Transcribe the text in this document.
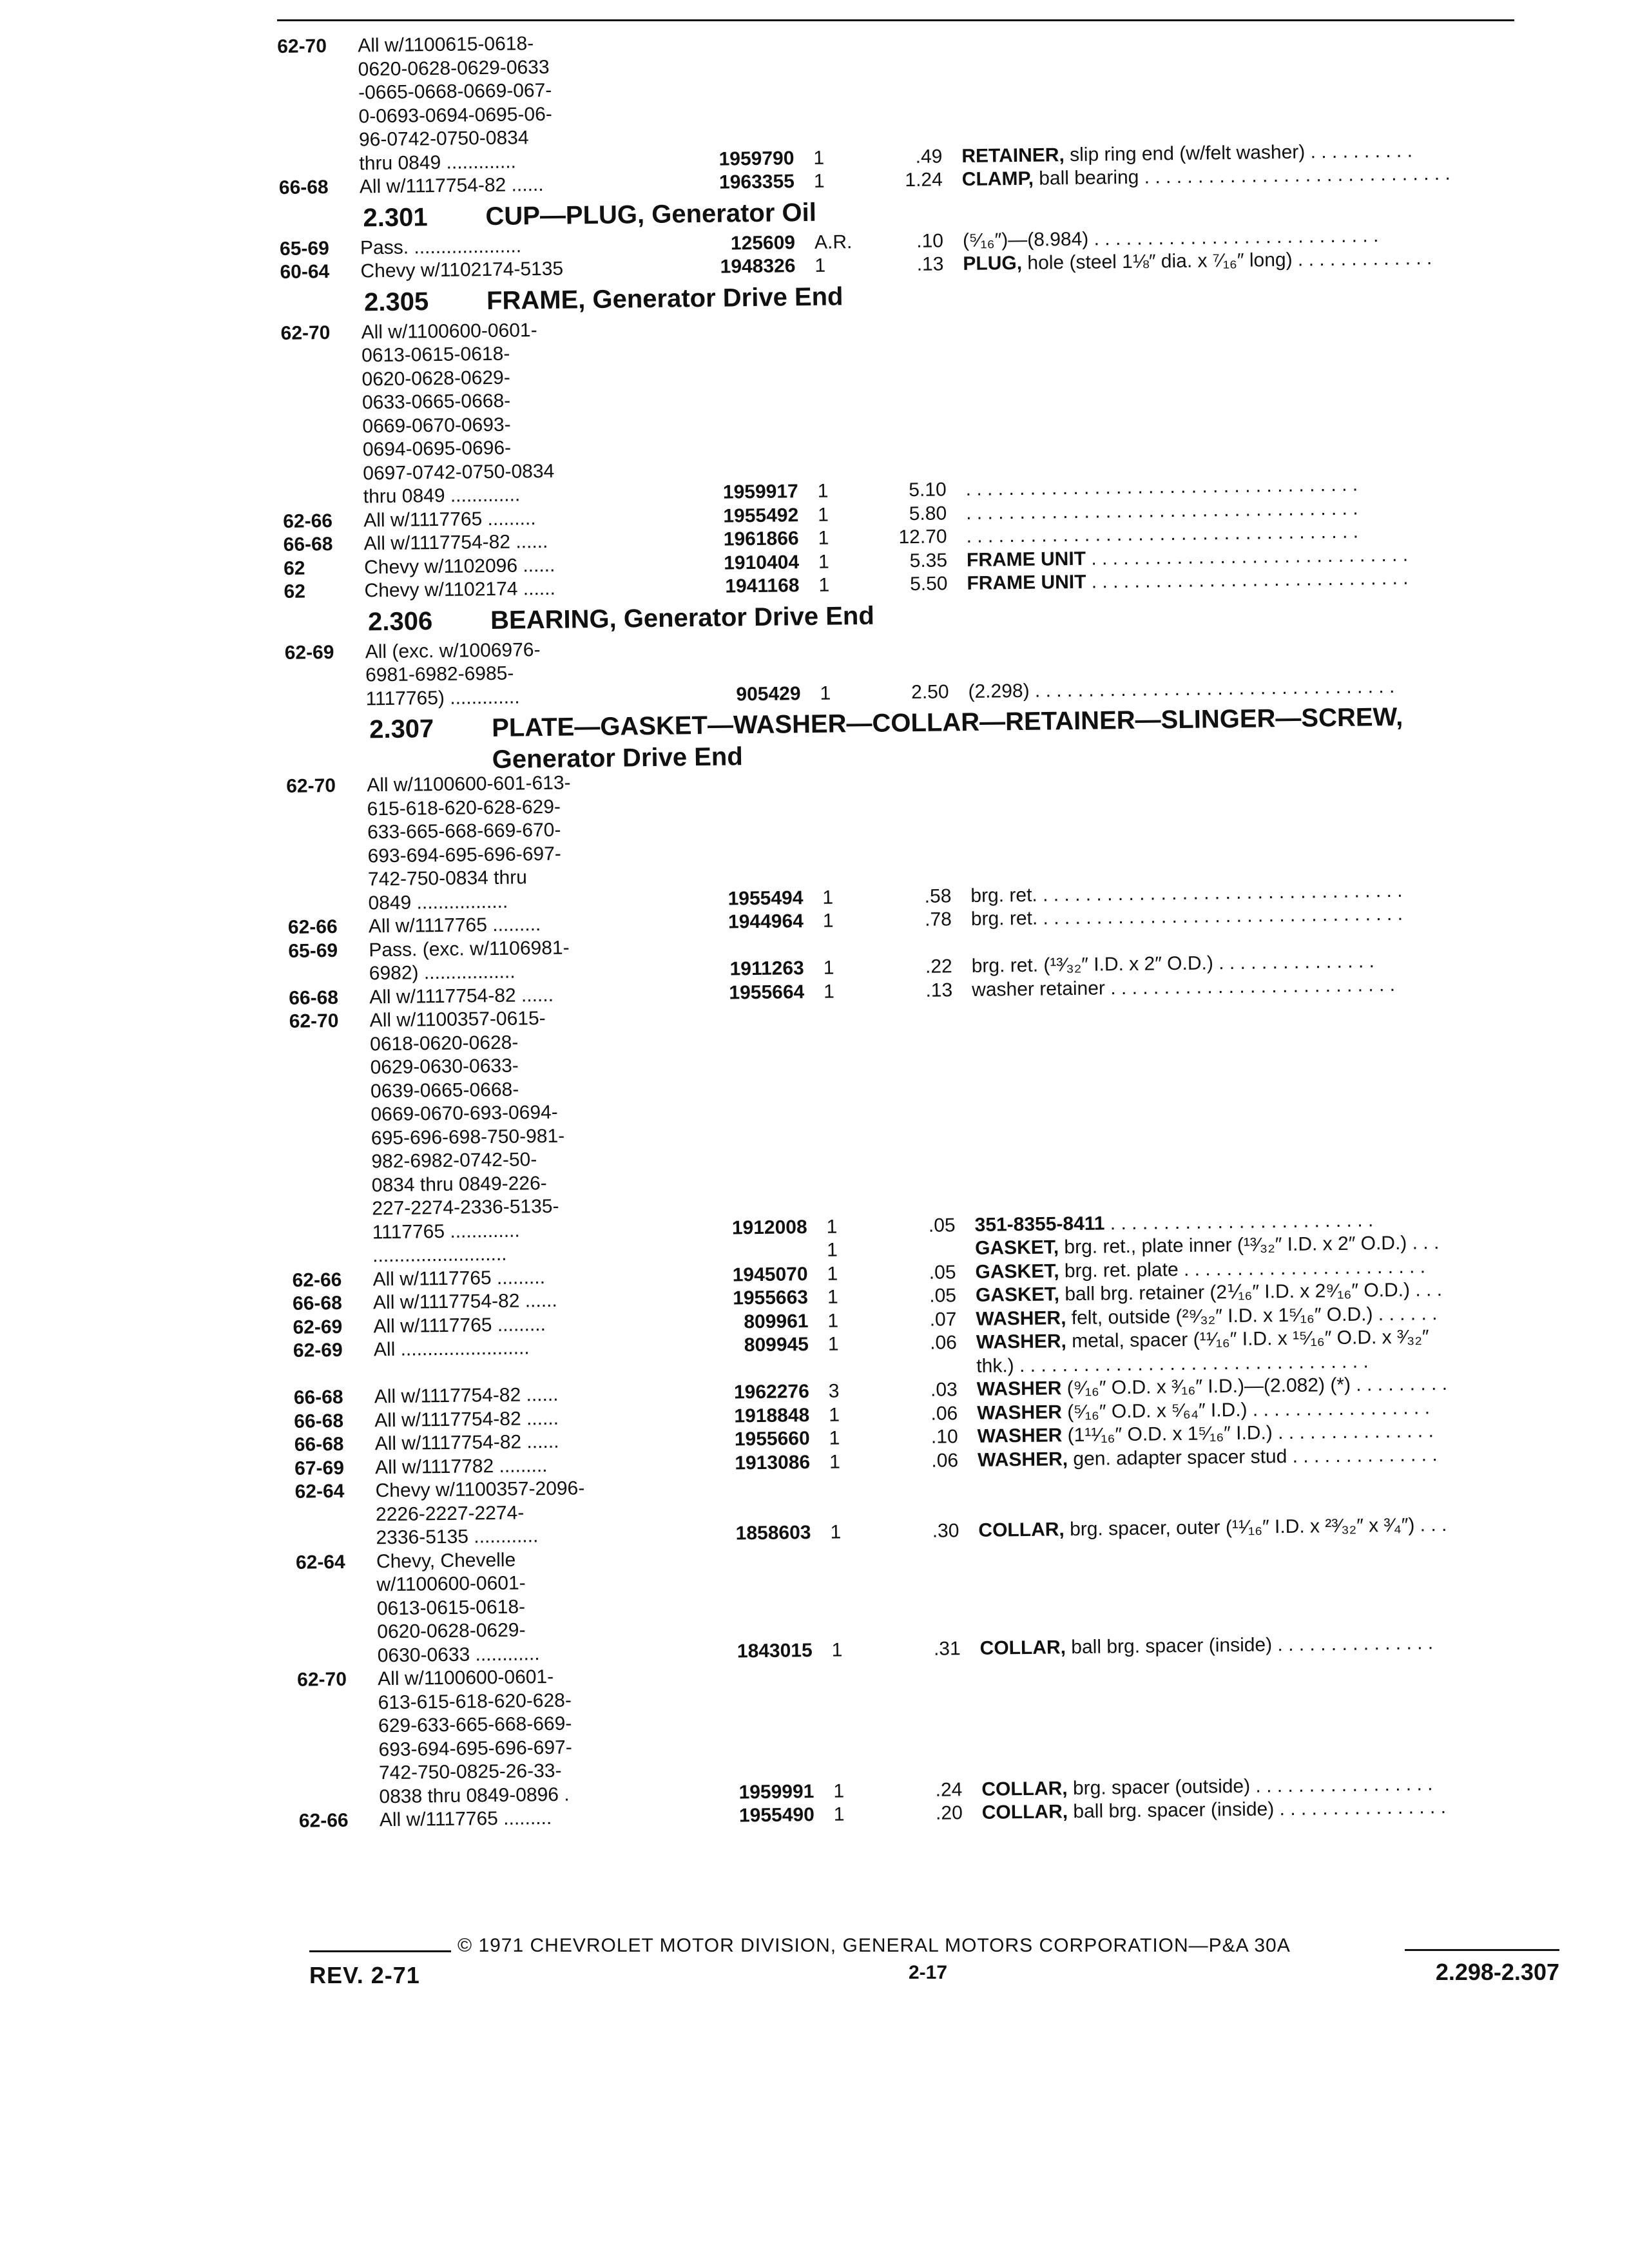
62-70 All w/1100615-0618-
0620-0628-0629-0633
-0665-0668-0669-067-
0-0693-0694-0695-06-
96-0742-0750-0834
thru 0849 .............	1959790 1	.49 RETAINER, slip ring end (w/felt washer) . . . . . . . . . .
66-68 All w/1117754-82 ......	1963355 1	1.24 CLAMP, ball bearing . . . . . . . . . . . . . . . . . . . . . . . . . . . . .
2.301 CUP—PLUG, Generator Oil
65-69 Pass. ....................	125609 A.R.	.10 (⁵⁄₁₆″)—(8.984) . . . . . . . . . . . . . . . . . . . . . . . . . . .
60-64 Chevy w/1102174-5135	1948326 1	.13 PLUG, hole (steel 1⅛″ dia. x ⁷⁄₁₆″ long) . . . . . . . . . . . . .
2.305 FRAME, Generator Drive End
62-70 All w/1100600-0601-
0613-0615-0618-
0620-0628-0629-
0633-0665-0668-
0669-0670-0693-
0694-0695-0696-
0697-0742-0750-0834
thru 0849 .............	1959917 1	5.10 . . . . . . . . . . . . . . . . . . . . . . . . . . . . . . . . . . . . .
62-66 All w/1117765 .........	1955492 1	5.80 . . . . . . . . . . . . . . . . . . . . . . . . . . . . . . . . . . . . .
66-68 All w/1117754-82 ......	1961866 1	12.70 . . . . . . . . . . . . . . . . . . . . . . . . . . . . . . . . . . . . .
62	Chevy w/1102096 ......	1910404 1	5.35 FRAME UNIT . . . . . . . . . . . . . . . . . . . . . . . . . . . . . .
62	Chevy w/1102174 ......	1941168 1	5.50 FRAME UNIT . . . . . . . . . . . . . . . . . . . . . . . . . . . . . .
2.306 BEARING, Generator Drive End
62-69 All (exc. w/1006976-
6981-6982-6985-
1117765) .............	905429 1	2.50 (2.298) . . . . . . . . . . . . . . . . . . . . . . . . . . . . . . . . . .
2.307 PLATE—GASKET—WASHER—COLLAR—RETAINER—SLINGER—SCREW,
Generator Drive End
62-70 All w/1100600-601-613-
615-618-620-628-629-
633-665-668-669-670-
693-694-695-696-697-
742-750-0834 thru
0849 .................	1955494 1	.58 brg. ret. . . . . . . . . . . . . . . . . . . . . . . . . . . . . . . . . . .
62-66 All w/1117765 .........	1944964 1	.78 brg. ret. . . . . . . . . . . . . . . . . . . . . . . . . . . . . . . . . . .
65-69 Pass. (exc. w/1106981-
6982) .................	1911263 1	.22 brg. ret. (¹³⁄₃₂″ I.D. x 2″ O.D.) . . . . . . . . . . . . . . .
66-68 All w/1117754-82 ......	1955664 1	.13 washer retainer . . . . . . . . . . . . . . . . . . . . . . . . . . .
62-70 All w/1100357-0615-
0618-0620-0628-
0629-0630-0633-
0639-0665-0668-
0669-0670-693-0694-
695-696-698-750-981-
982-6982-0742-50-
0834 thru 0849-226-
227-2274-2336-5135-
1117765 .............	1912008 1	.05 351-8355-8411 . . . . . . . . . . . . . . . . . . . . . . . . .
.........................	1	GASKET, brg. ret., plate inner (¹³⁄₃₂″ I.D. x 2″ O.D.) . . .
62-66 All w/1117765 .........	1945070 1	.05 GASKET, brg. ret. plate . . . . . . . . . . . . . . . . . . . . . . .
66-68 All w/1117754-82 ......	1955663 1	.05 GASKET, ball brg. retainer (2⅟₁₆″ I.D. x 2⁹⁄₁₆″ O.D.) . . .
62-69 All w/1117765 .........	809961 1	.07 WASHER, felt, outside (²⁹⁄₃₂″ I.D. x 1⁵⁄₁₆″ O.D.) . . . . . .
62-69 All ........................	809945 1	.06 WASHER, metal, spacer (¹¹⁄₁₆″ I.D. x ¹⁵⁄₁₆″ O.D. x ³⁄₃₂″
thk.) . . . . . . . . . . . . . . . . . . . . . . . . . . . . . . . . .
66-68 All w/1117754-82 ......	1962276 3	.03 WASHER (⁹⁄₁₆″ O.D. x ³⁄₁₆″ I.D.)—(2.082) (*) . . . . . . . . .
66-68 All w/1117754-82 ......	1918848 1	.06 WASHER (⁵⁄₁₆″ O.D. x ⁵⁄₆₄″ I.D.) . . . . . . . . . . . . . . . . .
66-68 All w/1117754-82 ......	1955660 1	.10 WASHER (1¹¹⁄₁₆″ O.D. x 1⁵⁄₁₆″ I.D.) . . . . . . . . . . . . . . .
67-69 All w/1117782 .........	1913086 1	.06 WASHER, gen. adapter spacer stud . . . . . . . . . . . . . .
62-64 Chevy w/1100357-2096-
2226-2227-2274-
2336-5135 ............	1858603 1	.30 COLLAR, brg. spacer, outer (¹¹⁄₁₆″ I.D. x ²³⁄₃₂″ x ³⁄₄″) . . .
62-64 Chevy, Chevelle
w/1100600-0601-
0613-0615-0618-
0620-0628-0629-
0630-0633 ............	1843015 1	.31 COLLAR, ball brg. spacer (inside) . . . . . . . . . . . . . . .
62-70 All w/1100600-0601-
613-615-618-620-628-
629-633-665-668-669-
693-694-695-696-697-
742-750-0825-26-33-
0838 thru 0849-0896 .	1959991 1	.24 COLLAR, brg. spacer (outside) . . . . . . . . . . . . . . . . .
62-66 All w/1117765 .........	1955490 1	.20 COLLAR, ball brg. spacer (inside) . . . . . . . . . . . . . . . .
© 1971 CHEVROLET MOTOR DIVISION, GENERAL MOTORS CORPORATION—P&A 30A
REV. 2-71	2-17	2.298-2.307
